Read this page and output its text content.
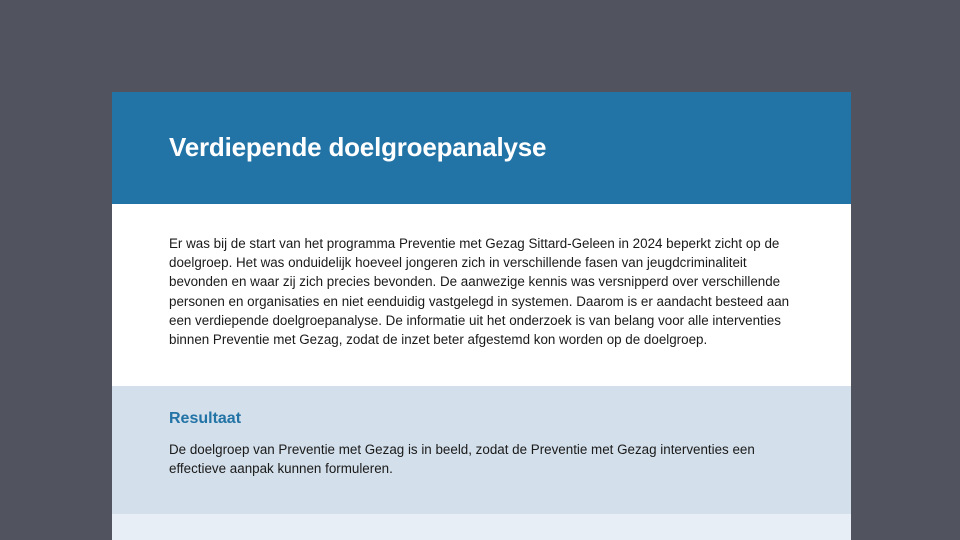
Verdiepende doelgroepanalyse

Er was bij de start van het programma Preventie met Gezag Sittard-Geleen in 2024 beperkt zicht op de doelgroep. Het was onduidelijk hoeveel jongeren zich in verschillende fasen van jeugdcriminaliteit bevonden en waar zij zich precies bevonden. De aanwezige kennis was versnipperd over verschillende personen en organisaties en niet eenduidig vastgelegd in systemen. Daarom is er aandacht besteed aan een verdiepende doelgroepanalyse. De informatie uit het onderzoek is van belang voor alle interventies binnen Preventie met Gezag, zodat de inzet beter afgestemd kon worden op de doelgroep.

Resultaat

De doelgroep van Preventie met Gezag is in beeld, zodat de Preventie met Gezag interventies een effectieve aanpak kunnen formuleren.
